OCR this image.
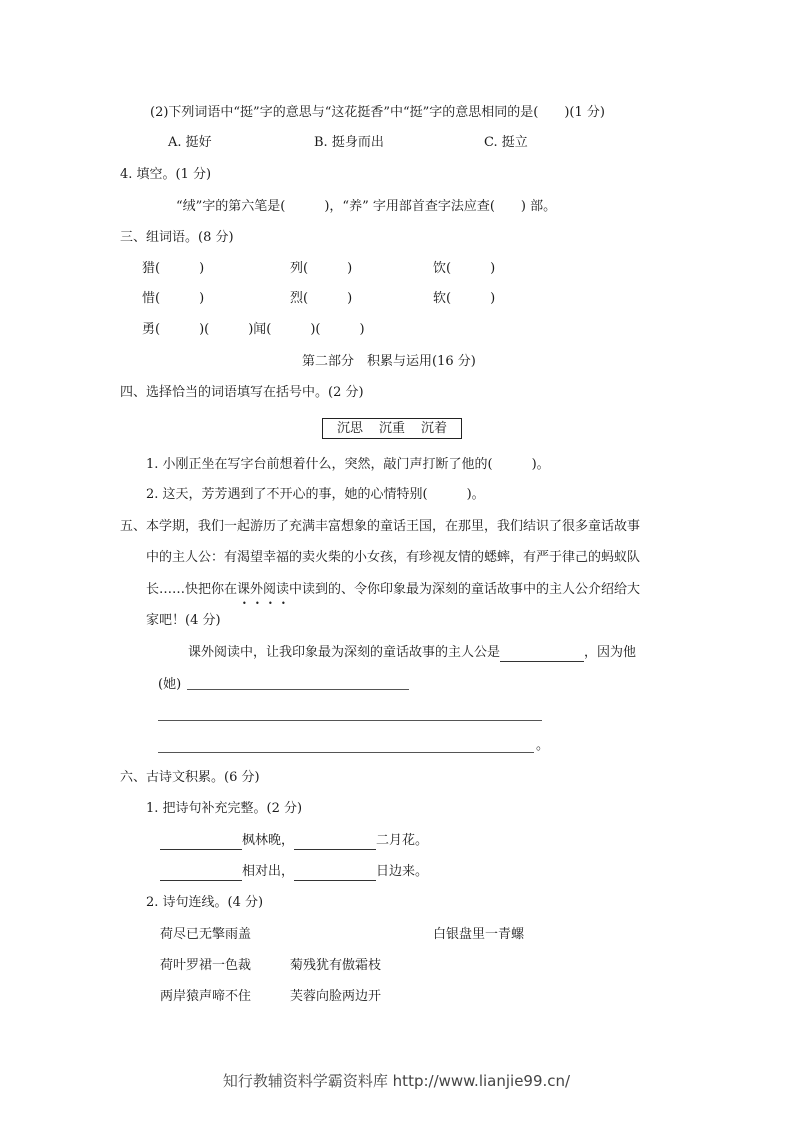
(2)下列词语中“挺”字的意思与“这花挺香”中“挺”字的意思相同的是(　　)(1 分)
A. 挺好	B. 挺身而出	C. 挺立
4. 填空。(1 分)
“绒”字的第六笔是(　　　)，“养” 字用部首查字法应查(　　) 部。
三、组词语。(8 分)
猎(　　　)	列(　　　)	饮(　　　)
惜(　　　)	烈(　　　)	软(　　　)
勇(　　　)(　　　)闻(　　　)(　　　)
第二部分　积累与运用(16 分)
四、选择恰当的词语填写在括号中。(2 分)
沉思 沉重 沉着
1. 小刚正坐在写字台前想着什么，突然，敲门声打断了他的(　　　)。
2. 这天，芳芳遇到了不开心的事，她的心情特别(　　　)。
五、本学期，我们一起游历了充满丰富想象的童话王国，在那里，我们结识了很多童话故事
中的主人公：有渴望幸福的卖火柴的小女孩，有珍视友情的蟋蟀，有严于律己的蚂蚁队
长……快把你在课外阅读
• • • •
中读到的、令你印象最为深刻的童话故事中的主人公介绍给大
家吧！(4 分)
课外阅读中，让我印象最为深刻的童话故事的主人公是	，因为他
(她)
。
六、古诗文积累。(6 分)
1. 把诗句补充完整。(2 分)
枫林晚，	二月花。
相对出，	日边来。
2. 诗句连线。(4 分)
荷尽已无擎雨盖	白银盘里一青螺
荷叶罗裙一色裁	菊残犹有傲霜枝
两岸猿声啼不住	芙蓉向脸两边开
知行教辅资料学霸资料库 http://www.lianjie99.cn/
